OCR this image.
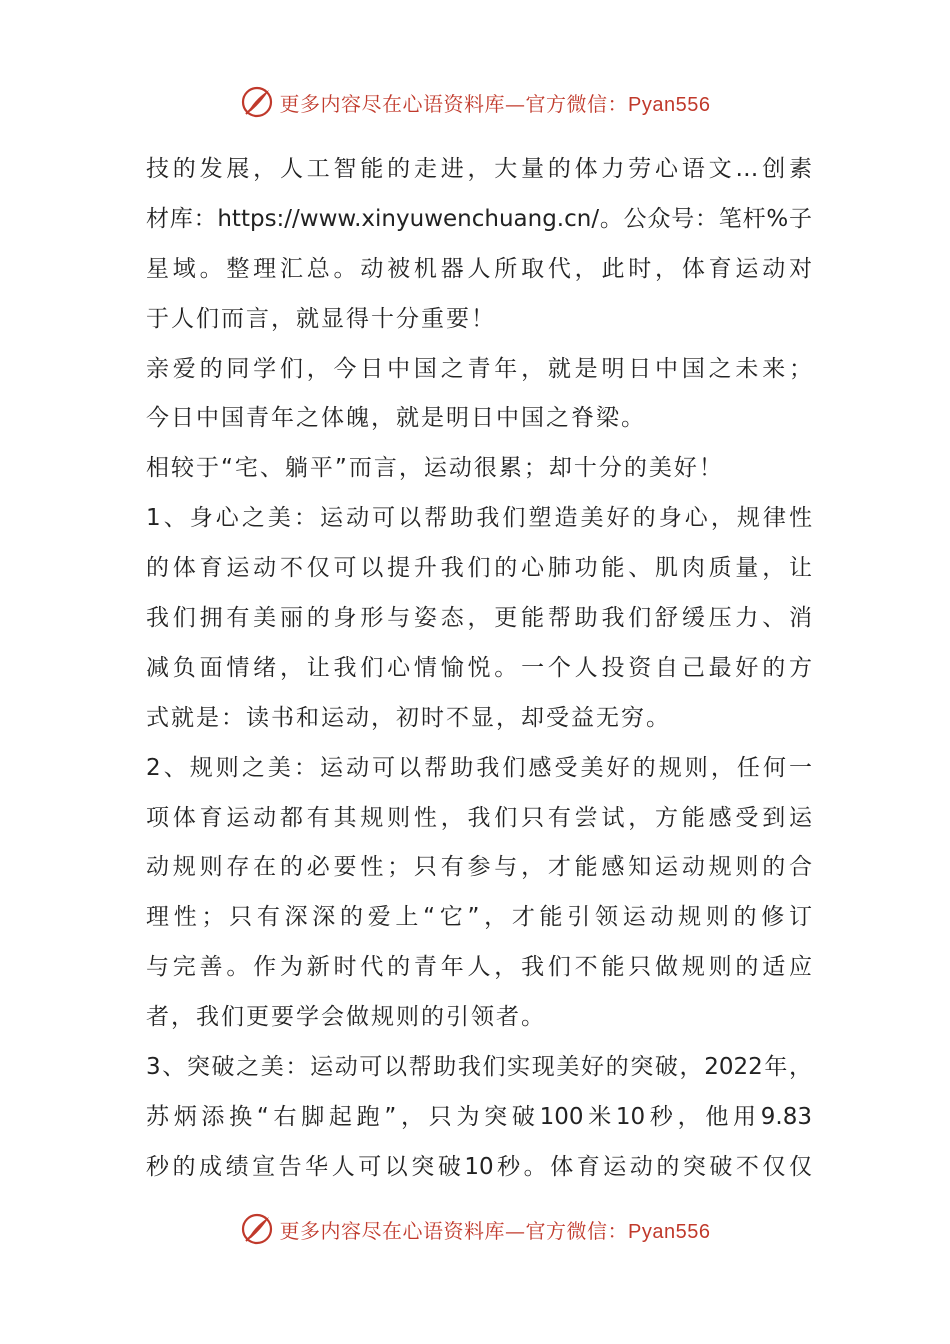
更多内容尽在心语资料库—官方微信：Pyan556
技的发展，人工智能的走进，大量的体力劳心语文…创素
材库：https://www.xinyuwenchuang.cn/。公众号：笔杆%子
星域。整理汇总。动被机器人所取代，此时，体育运动对
于人们而言，就显得十分重要！
亲爱的同学们，今日中国之青年，就是明日中国之未来；
今日中国青年之体魄，就是明日中国之脊梁。
相较于“宅、躺平”而言，运动很累；却十分的美好！
1、身心之美：运动可以帮助我们塑造美好的身心，规律性
的体育运动不仅可以提升我们的心肺功能、肌肉质量，让
我们拥有美丽的身形与姿态，更能帮助我们舒缓压力、消
减负面情绪，让我们心情愉悦。一个人投资自己最好的方
式就是：读书和运动，初时不显，却受益无穷。
2、规则之美：运动可以帮助我们感受美好的规则，任何一
项体育运动都有其规则性，我们只有尝试，方能感受到运
动规则存在的必要性；只有参与，才能感知运动规则的合
理性；只有深深的爱上“它”，才能引领运动规则的修订
与完善。作为新时代的青年人，我们不能只做规则的适应
者，我们更要学会做规则的引领者。
3、突破之美：运动可以帮助我们实现美好的突破，2022年，
苏炳添换“右脚起跑”，只为突破100米10秒，他用9.83
秒的成绩宣告华人可以突破10秒。体育运动的突破不仅仅
更多内容尽在心语资料库—官方微信：Pyan556
